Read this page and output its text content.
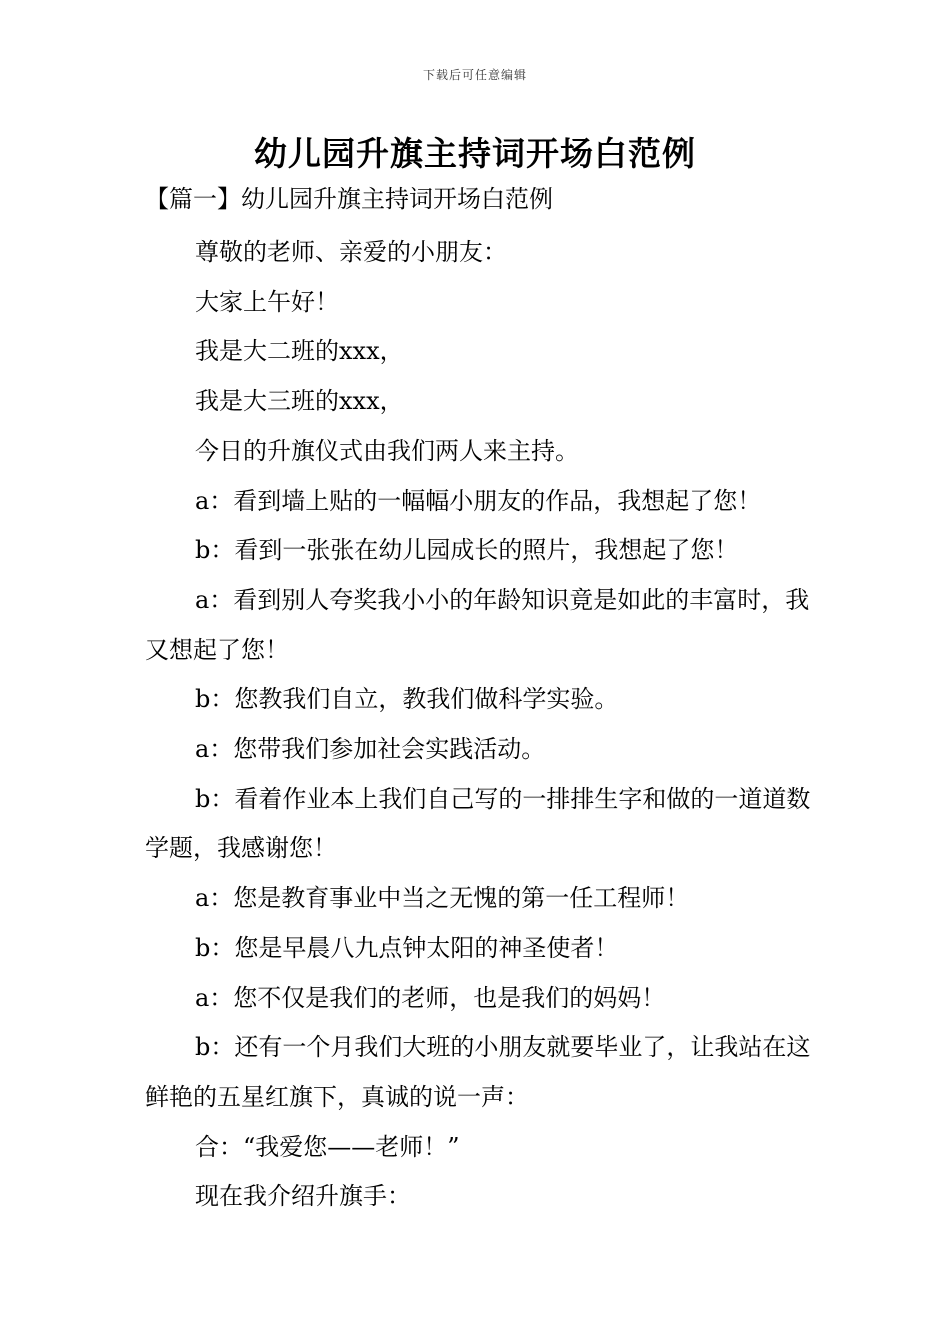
下载后可任意编辑
幼儿园升旗主持词开场白范例
【篇一】幼儿园升旗主持词开场白范例

尊敬的老师、亲爱的小朋友：

大家上午好！

我是大二班的xxx，

我是大三班的xxx，

今日的升旗仪式由我们两人来主持。

a：看到墙上贴的一幅幅小朋友的作品，我想起了您！

b：看到一张张在幼儿园成长的照片，我想起了您！

a：看到别人夸奖我小小的年龄知识竟是如此的丰富时，我又想起了您！

b：您教我们自立，教我们做科学实验。

a：您带我们参加社会实践活动。

b：看着作业本上我们自己写的一排排生字和做的一道道数学题，我感谢您！

a：您是教育事业中当之无愧的第一任工程师！

b：您是早晨八九点钟太阳的神圣使者！

a：您不仅是我们的老师，也是我们的妈妈！

b：还有一个月我们大班的小朋友就要毕业了，让我站在这鲜艳的五星红旗下，真诚的说一声：

合：“我爱您——老师！”

现在我介绍升旗手：
